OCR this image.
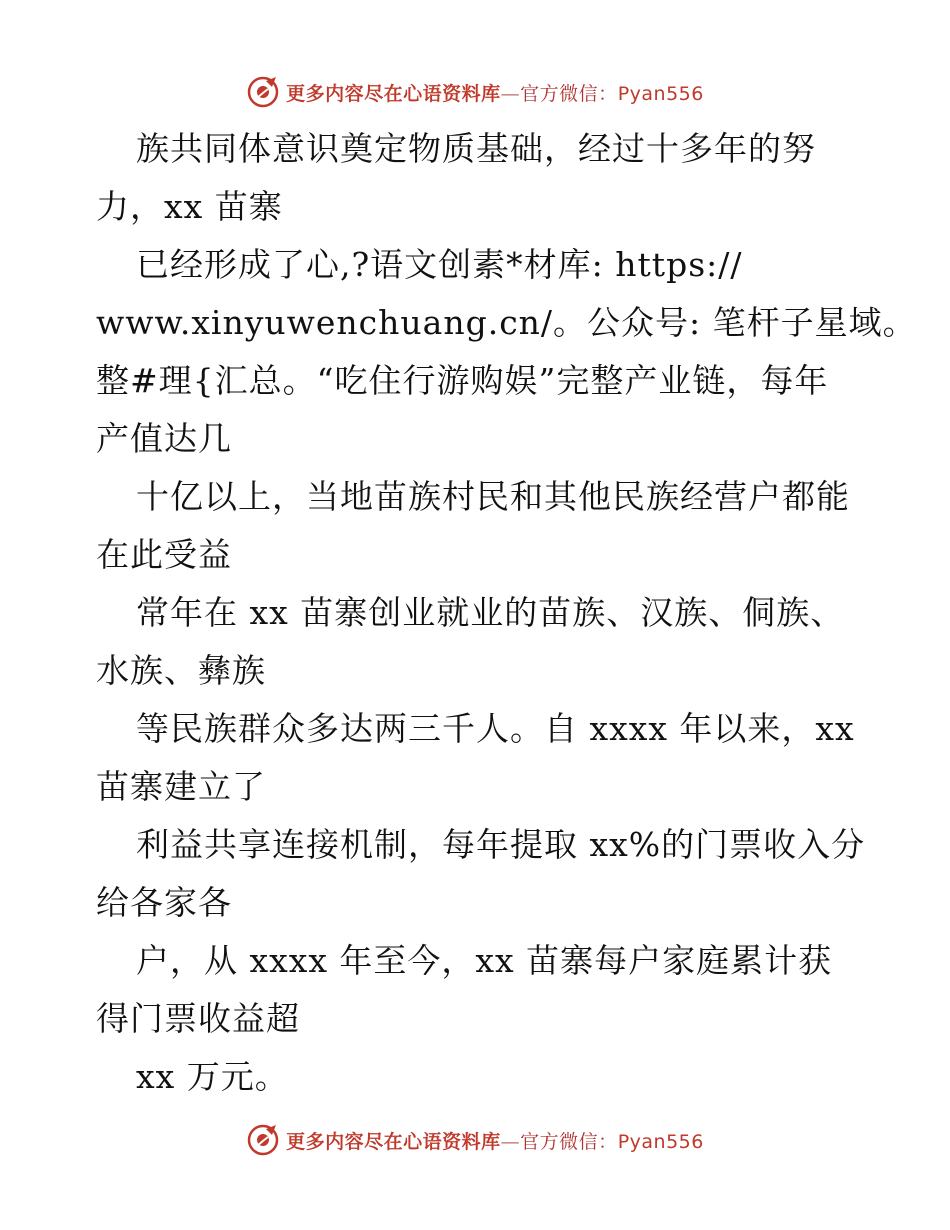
更多内容尽在心语资料库—官方微信：Pyan556
族共同体意识奠定物质基础，经过十多年的努
力，xx 苗寨
已经形成了心,?语文创素*材库: https://
www.xinyuwenchuang.cn/。公众号: 笔杆子星域。
整#理{汇总。“吃住行游购娱”完整产业链，每年
产值达几
十亿以上，当地苗族村民和其他民族经营户都能
在此受益
常年在 xx 苗寨创业就业的苗族、汉族、侗族、
水族、彝族
等民族群众多达两三千人。自 xxxx 年以来，xx
苗寨建立了
利益共享连接机制，每年提取 xx%的门票收入分
给各家各
户，从 xxxx 年至今，xx 苗寨每户家庭累计获
得门票收益超
xx 万元。
更多内容尽在心语资料库—官方微信：Pyan556
